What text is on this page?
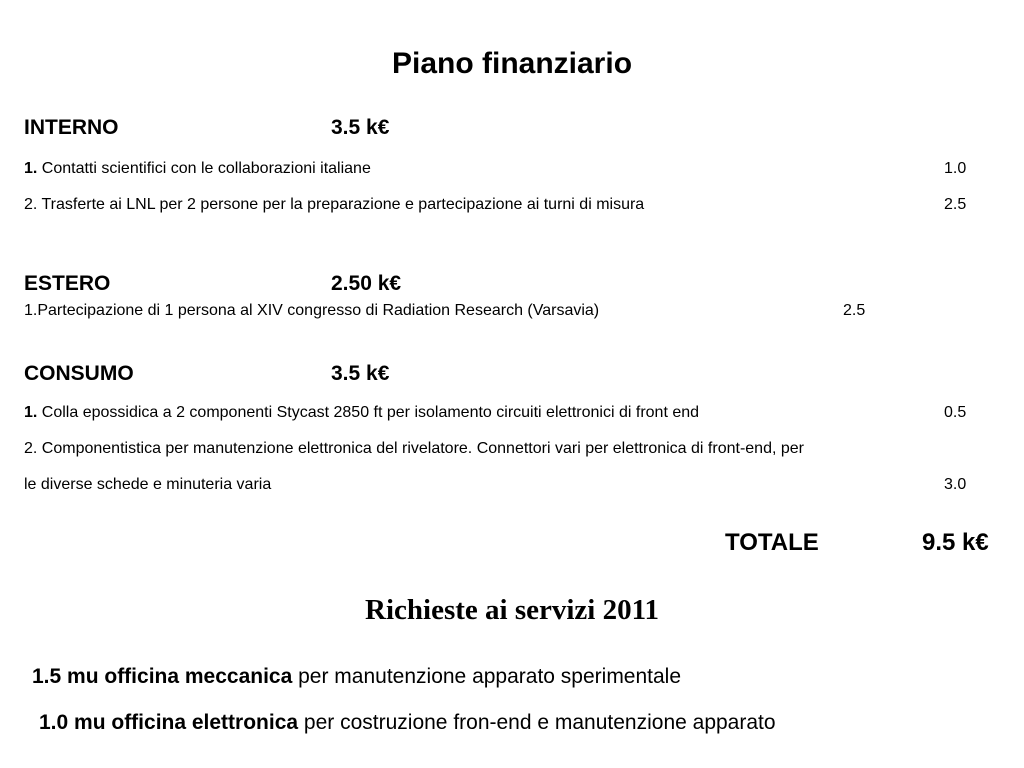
Piano finanziario
INTERNO	3.5 k€
1. Contatti scientifici con le collaborazioni italiane	1.0
2. Trasferte ai LNL per 2 persone per la preparazione e partecipazione ai turni di misura	2.5
ESTERO	2.50 k€
1.Partecipazione di 1 persona al XIV congresso di Radiation Research (Varsavia)	2.5
CONSUMO	3.5 k€
1. Colla epossidica a 2 componenti Stycast 2850 ft per isolamento circuiti elettronici di front end	0.5
2. Componentistica per manutenzione elettronica del rivelatore. Connettori vari per elettronica di front-end, per
le diverse schede e minuteria varia	3.0
TOTALE	9.5 k€
Richieste ai servizi 2011
1.5 mu officina meccanica per manutenzione apparato sperimentale
1.0 mu officina elettronica per costruzione fron-end e manutenzione apparato
